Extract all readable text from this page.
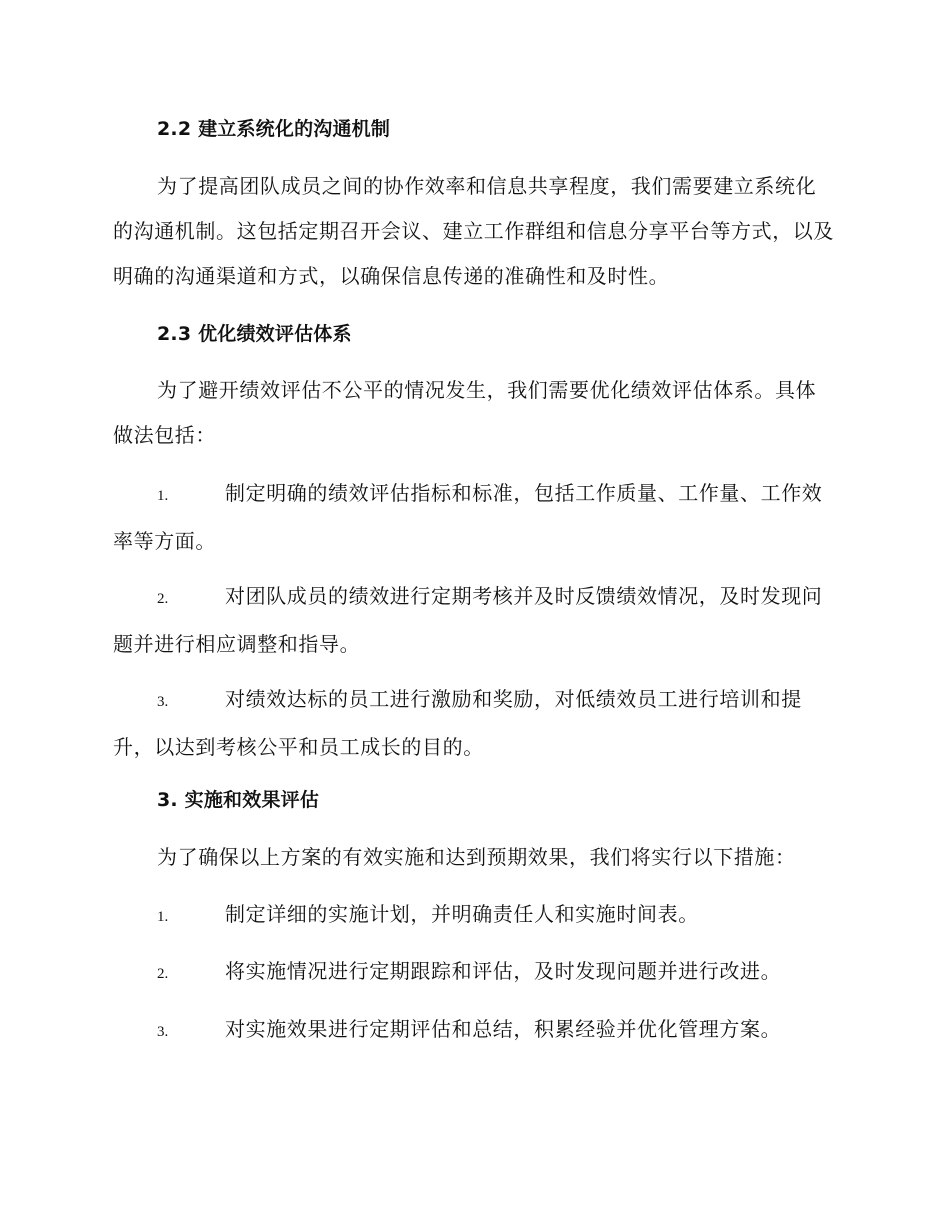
2.2 建立系统化的沟通机制

为了提高团队成员之间的协作效率和信息共享程度，我们需要建立系统化的沟通机制。这包括定期召开会议、建立工作群组和信息分享平台等方式，以及明确的沟通渠道和方式，以确保信息传递的准确性和及时性。

2.3 优化绩效评估体系

为了避开绩效评估不公平的情况发生，我们需要优化绩效评估体系。具体做法包括：

1.	制定明确的绩效评估指标和标准，包括工作质量、工作量、工作效率等方面。

2.	对团队成员的绩效进行定期考核并及时反馈绩效情况，及时发现问题并进行相应调整和指导。

3.	对绩效达标的员工进行激励和奖励，对低绩效员工进行培训和提升，以达到考核公平和员工成长的目的。

3. 实施和效果评估

为了确保以上方案的有效实施和达到预期效果，我们将实行以下措施：

1.	制定详细的实施计划，并明确责任人和实施时间表。

2.	将实施情况进行定期跟踪和评估，及时发现问题并进行改进。

3.	对实施效果进行定期评估和总结，积累经验并优化管理方案。
